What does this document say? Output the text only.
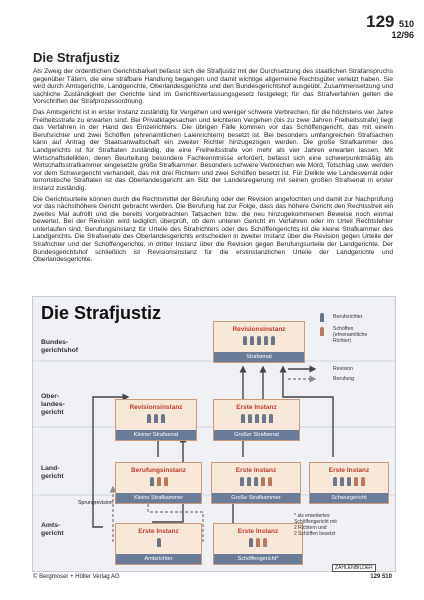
129 510
12/96
Die Strafjustiz

Als Zweig der ordentlichen Gerichtsbarkeit befasst sich die Strafjustiz mit der Durchsetzung des staatlichen Strafanspruchs gegenüber Tätern, die eine strafbare Handlung begangen und damit wichtige allgemeine Rechtsgüter verletzt haben. Sie wird durch Amtsgerichte, Landgerichte, Oberlandesgerichte und den Bundesgerichtshof ausgeübt. Zusammensetzung und sachliche Zuständigkeit der Gerichte sind im Gerichtsverfassungsgesetz festgelegt; für das Strafverfahren gelten die Vorschriften der Strafprozessordnung.

Das Amtsgericht ist in erster Instanz zuständig für Vergehen und weniger schwere Verbrechen, für die höchstens vier Jahre Freiheitsstrafe zu erwarten sind. Bei Privatklagesachen und leichteren Vergehen (bis zu zwei Jahren Freiheitsstrafe) liegt das Verfahren in der Hand des Einzelrichters. Die übrigen Fälle kommen vor das Schöffengericht, das mit einem Berufsrichter und zwei Schöffen (ehrenamtlichen Laienrichtern) besetzt ist. Bei besonders umfangreichen Strafsachen kann auf Antrag der Staatsanwaltschaft ein zweiter Richter hinzugezogen werden. Die große Strafkammer des Landgerichts ist für Straftaten zuständig, die eine Freiheitsstrafe von mehr als vier Jahren erwarten lassen. Mit Wirtschaftsdelikten, deren Beurteilung besondere Fachkenntnisse erfordert, befasst sich eine schwerpunktmäßig als Wirtschaftsstrafkammer eingesetzte große Strafkammer. Besonders schwere Verbrechen wie Mord, Totschlag usw. werden vor dem Schwurgericht verhandelt, das mit drei Richtern und zwei Schöffen besetzt ist. Für Delikte wie Landesverrat oder terroristische Straftaten ist das Oberlandesgericht am Sitz der Landesregierung mit seinen großen Strafsenat in erster Instanz zuständig.

Die Gerichtsurteile können durch die Rechtsmittel der Berufung oder der Revision angefochten und damit zur Nachprüfung vor das nächsthöhere Gericht gebracht werden. Die Berufung hat zur Folge, dass das höhere Gericht den Rechtsstreit ein zweites Mal aufrollt und die bereits vorgebrachten Tatsachen bzw. die neu hinzugekommenen Beweise noch einmal bewertet. Bei der Revision wird lediglich überprüft, ob dem unteren Gericht im Verfahren oder im Urteil Rechtsfehler unterlaufen sind. Berufungsinstanz für Urteile des Strafrichters oder des Schöffengerichts ist die kleine Strafkammer des Landgerichts. Die Strafsenate des Oberlandesgerichts entscheiden in zweiter Instanz über die Revision gegen Urteile der Strafrichter und der Schöffengerichte, in dritter Instanz über die Revision gegen Berufungsurteile der Landgerichte. Der Bundesgerichtshof schließlich ist Revisionsinstanz für die erstinstanzlichen Urteile der Landgerichte und Oberlandesgerichte.

Die Strafjustiz
Bundes-
gerichtshof
Ober-
landes-
gericht
Land-
gericht
Amts-
gericht
Revisionsinstanz
Strafsenat
Revisionsinstanz
Kleiner Strafsenat
Erste Instanz
Großer Strafsenat
Berufungsinstanz
Kleine Strafkammer
Erste Instanz
Große Strafkammer
Erste Instanz
Schwurgericht
Erste Instanz
Amtsrichter
Erste Instanz
Schöffengericht*
Berufsrichter
Schöffen
(ehrenamtliche
Richter)
Revision
Berufung
Sprungrevision
* als erweitertes
Schöffengericht mit
2 Richtern und
2 Schöffen besetzt
ZAHLENBILDER
© Bergmoser + Höller Verlag AG	129 510
